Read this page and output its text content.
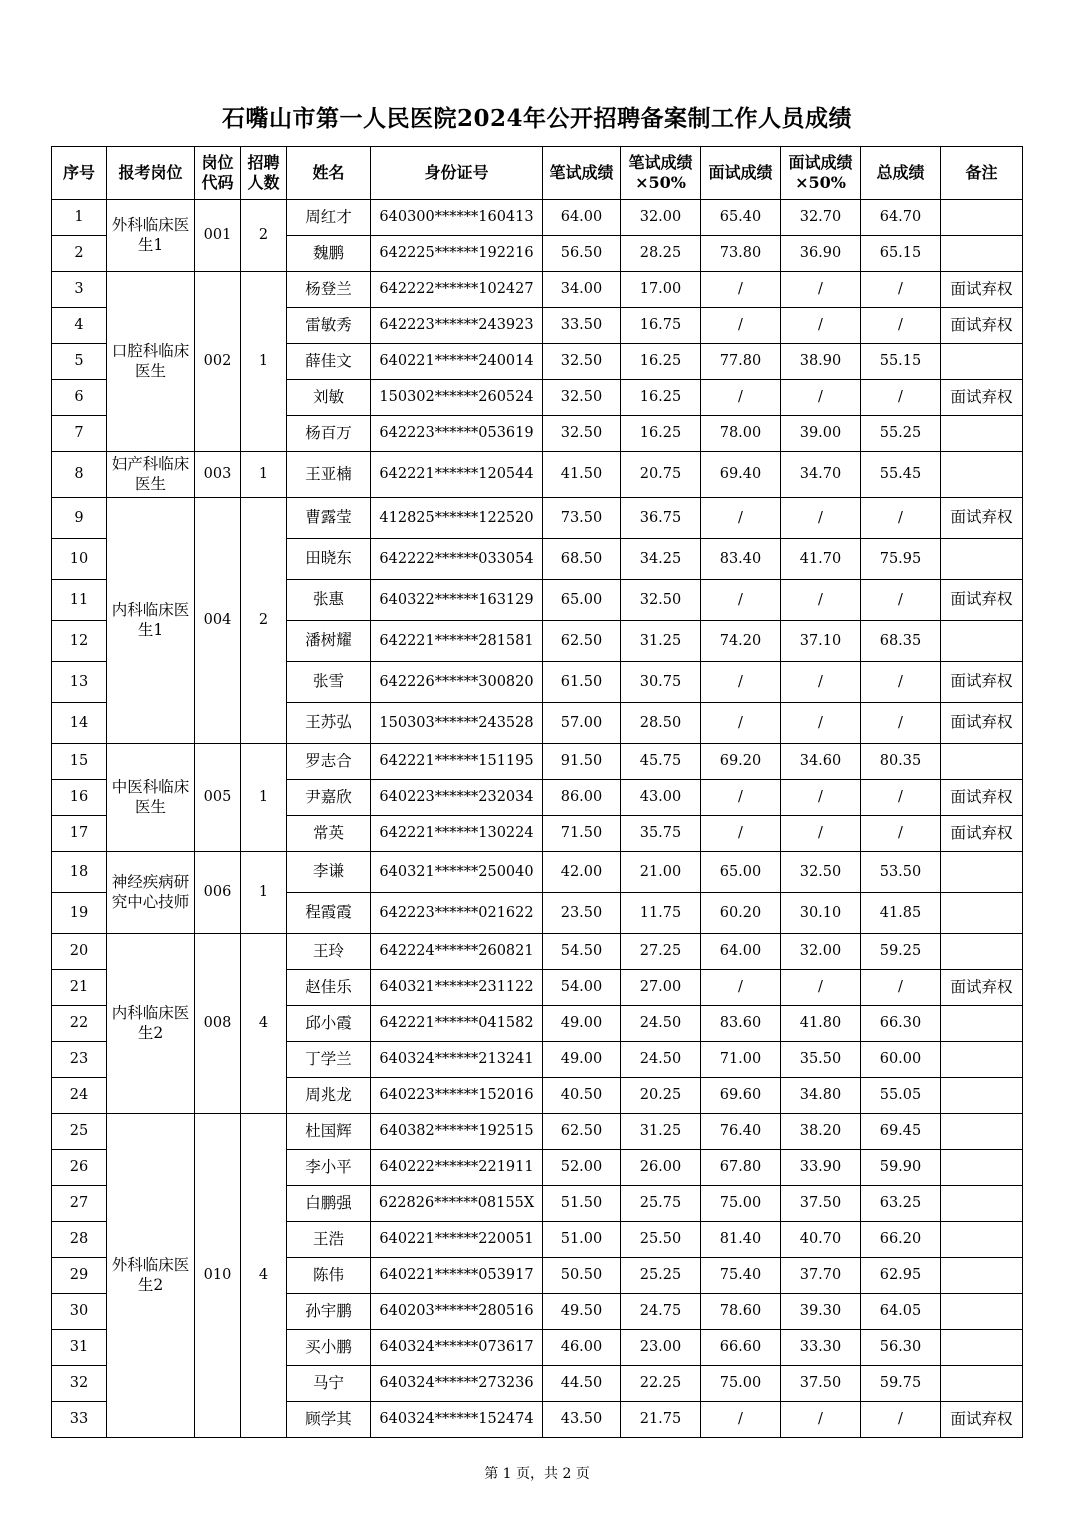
石嘴山市第一人民医院2024年公开招聘备案制工作人员成绩
序号	报考岗位	岗位代码	招聘人数	姓名	身份证号	笔试成绩	笔试成绩×50%	面试成绩	面试成绩×50%	总成绩	备注
1	外科临床医生1	001	2	周红才	640300******160413	64.00	32.00	65.40	32.70	64.70	
2				魏鹏	642225******192216	56.50	28.25	73.80	36.90	65.15	
3	口腔科临床医生	002	1	杨登兰	642222******102427	34.00	17.00	/	/	/	面试弃权
4				雷敏秀	642223******243923	33.50	16.75	/	/	/	面试弃权
5				薛佳文	640221******240014	32.50	16.25	77.80	38.90	55.15	
6				刘敏	150302******260524	32.50	16.25	/	/	/	面试弃权
7				杨百万	642223******053619	32.50	16.25	78.00	39.00	55.25	
8	妇产科临床医生	003	1	王亚楠	642221******120544	41.50	20.75	69.40	34.70	55.45	
9	内科临床医生1	004	2	曹露莹	412825******122520	73.50	36.75	/	/	/	面试弃权
10				田晓东	642222******033054	68.50	34.25	83.40	41.70	75.95	
11				张惠	640322******163129	65.00	32.50	/	/	/	面试弃权
12				潘树耀	642221******281581	62.50	31.25	74.20	37.10	68.35	
13				张雪	642226******300820	61.50	30.75	/	/	/	面试弃权
14				王苏弘	150303******243528	57.00	28.50	/	/	/	面试弃权
15	中医科临床医生	005	1	罗志合	642221******151195	91.50	45.75	69.20	34.60	80.35	
16				尹嘉欣	640223******232034	86.00	43.00	/	/	/	面试弃权
17				常英	642221******130224	71.50	35.75	/	/	/	面试弃权
18	神经疾病研究中心技师	006	1	李谦	640321******250040	42.00	21.00	65.00	32.50	53.50	
19				程霞霞	642223******021622	23.50	11.75	60.20	30.10	41.85	
20	内科临床医生2	008	4	王玲	642224******260821	54.50	27.25	64.00	32.00	59.25	
21				赵佳乐	640321******231122	54.00	27.00	/	/	/	面试弃权
22				邱小霞	642221******041582	49.00	24.50	83.60	41.80	66.30	
23				丁学兰	640324******213241	49.00	24.50	71.00	35.50	60.00	
24				周兆龙	640223******152016	40.50	20.25	69.60	34.80	55.05	
25	外科临床医生2	010	4	杜国辉	640382******192515	62.50	31.25	76.40	38.20	69.45	
26				李小平	640222******221911	52.00	26.00	67.80	33.90	59.90	
27				白鹏强	622826******08155X	51.50	25.75	75.00	37.50	63.25	
28				王浩	640221******220051	51.00	25.50	81.40	40.70	66.20	
29				陈伟	640221******053917	50.50	25.25	75.40	37.70	62.95	
30				孙宇鹏	640203******280516	49.50	24.75	78.60	39.30	64.05	
31				买小鹏	640324******073617	46.00	23.00	66.60	33.30	56.30	
32				马宁	640324******273236	44.50	22.25	75.00	37.50	59.75	
33				顾学其	640324******152474	43.50	21.75	/	/	/	面试弃权
第 1 页，共 2 页
